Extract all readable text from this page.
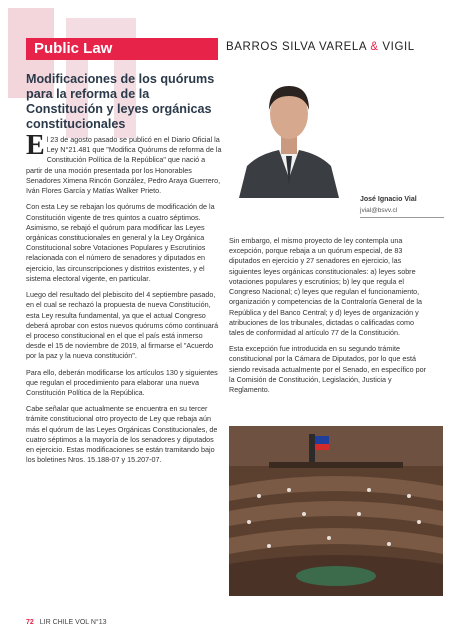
Public Law	BARROS SILVA VARELA & VIGIL
Modificaciones de los quórums para la reforma de la Constitución y leyes orgánicas constitucionales

El 23 de agosto pasado se publicó en el Diario Oficial la Ley N°21.481 que "Modifica Quórums de reforma de la Constitución Política de la República" que nació a partir de una moción presentada por los Honorables Senadores Ximena Rincón González, Pedro Araya Guerrero, Iván Flores García y Matías Walker Prieto.

Con esta Ley se rebajan los quórums de modificación de la Constitución vigente de tres quintos a cuatro séptimos. Asimismo, se rebajó el quórum para modificar las Leyes orgánicas constitucionales en general y la Ley Orgánica Constitucional sobre Votaciones Populares y Escrutinios relacionada con el número de senadores y diputados en ejercicio, las circunscripciones y distritos existentes, y el sistema electoral vigente, en particular.

Luego del resultado del plebiscito del 4 septiembre pasado, en el cual se rechazó la propuesta de nueva Constitución, esta Ley resulta fundamental, ya que el actual Congreso deberá aprobar con estos nuevos quórums cómo continuará el proceso constitucional en el que el país está inmerso desde el 15 de noviembre de 2019, al firmarse el "Acuerdo por la paz y la nueva constitución".

Para ello, deberán modificarse los artículos 130 y siguientes que regulan el procedimiento para elaborar una nueva Constitución Política de la República.

Cabe señalar que actualmente se encuentra en su tercer trámite constitucional otro proyecto de Ley que rebaja aún más el quórum de las Leyes Orgánicas Constitucionales, de cuatro séptimos a la mayoría de los senadores y diputados en ejercicio. Estas modificaciones se están tramitando bajo los boletines Nros. 15.188-07 y 15.207-07.

José Ignacio Vial
jvial@bsvv.cl

Sin embargo, el mismo proyecto de ley contempla una excepción, porque rebaja a un quórum especial, de 83 diputados en ejercicio y 27 senadores en ejercicio, las siguientes leyes orgánicas constitucionales: a) leyes sobre votaciones populares y escrutinios; b) ley que regula el Congreso Nacional; c) leyes que regulan el funcionamiento, organización y competencias de la Contraloría General de la República y del Banco Central; y d) leyes de organización y atribuciones de los tribunales, dictadas o calificadas como tales de conformidad al artículo 77 de la Constitución.

Esta excepción fue introducida en su segundo trámite constitucional por la Cámara de Diputados, por lo que está siendo revisada actualmente por el Senado, en específico por la Comisión de Constitución, Legislación, Justicia y Reglamento.

72 LIR CHILE VOL N°13
